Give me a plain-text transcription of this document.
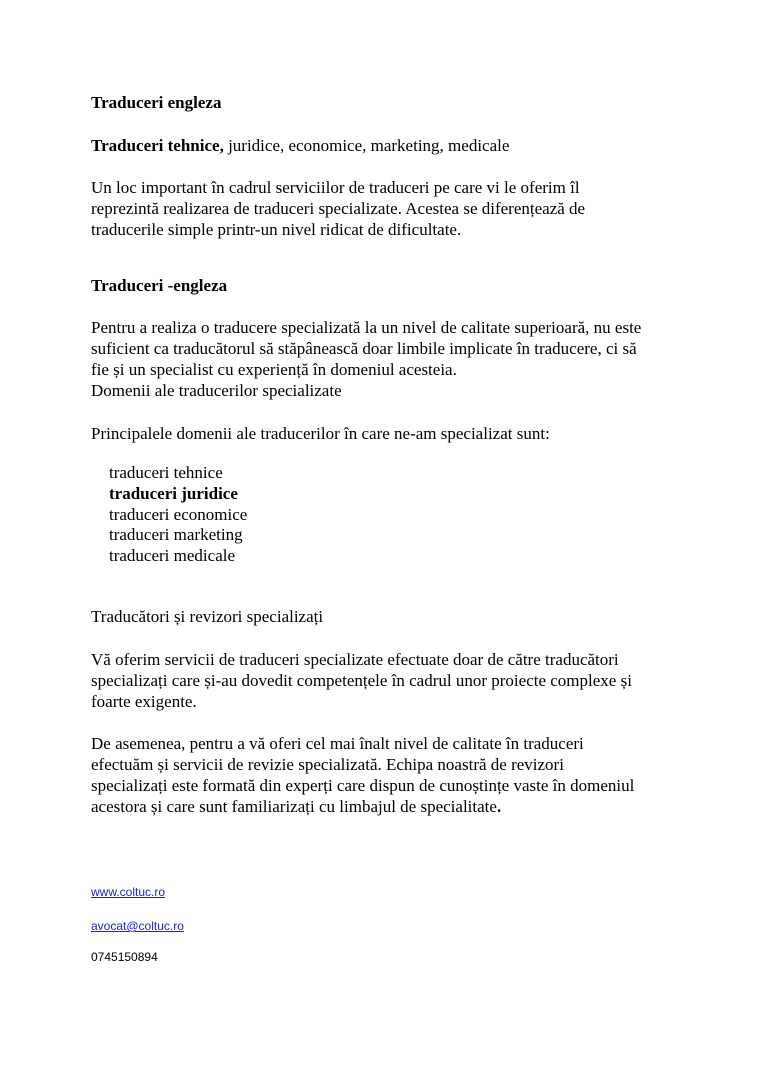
Traduceri engleza
Traduceri tehnice, juridice, economice, marketing, medicale
Un loc important în cadrul serviciilor de traduceri pe care vi le oferim îl
reprezintă realizarea de traduceri specializate. Acestea se diferențează de
traducerile simple printr-un nivel ridicat de dificultate.
Traduceri -engleza
Pentru a realiza o traducere specializată la un nivel de calitate superioară, nu este
suficient ca traducătorul să stăpânească doar limbile implicate în traducere, ci să
fie și un specialist cu experiență în domeniul acesteia.
Domenii ale traducerilor specializate
Principalele domenii ale traducerilor în care ne-am specializat sunt:
traduceri tehnice
traduceri juridice
traduceri economice
traduceri marketing
traduceri medicale
Traducători și revizori specializați
Vă oferim servicii de traduceri specializate efectuate doar de către traducători
specializați care și-au dovedit competențele în cadrul unor proiecte complexe și
foarte exigente.
De asemenea, pentru a vă oferi cel mai înalt nivel de calitate în traduceri
efectuăm și servicii de revizie specializată. Echipa noastră de revizori
specializați este formată din experți care dispun de cunoștințe vaste în domeniul
acestora și care sunt familiarizați cu limbajul de specialitate.
www.coltuc.ro
avocat@coltuc.ro
0745150894
